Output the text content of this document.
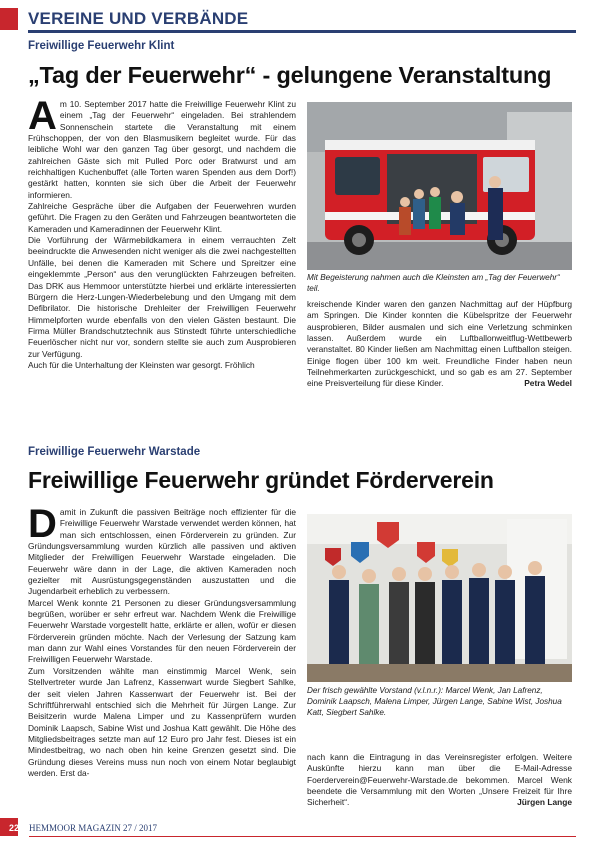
VEREINE UND VERBÄNDE
Freiwillige Feuerwehr Klint
„Tag der Feuerwehr“ - gelungene Veranstaltung
A m 10. September 2017 hatte die Freiwillige Feuerwehr Klint zu einem „Tag der Feuerwehr“ eingeladen. Bei strahlendem Sonnenschein startete die Veranstaltung mit einem Frühschoppen, der von den Blasmusikern begleitet wurde. Für das leibliche Wohl war den ganzen Tag über gesorgt, und nachdem die zahlreichen Gäste sich mit Pulled Porc oder Bratwurst und am reichhaltigen Kuchenbuffet (alle Torten waren Spenden aus dem Dorf!) gestärkt hatten, konnten sie sich über die Arbeit der Feuerwehr informieren.

Zahlreiche Gespräche über die Aufgaben der Feuerwehren wurden geführt. Die Fragen zu den Geräten und Fahrzeugen beantworteten die Kameraden und Kameradinnen der Feuerwehr Klint.

Die Vorführung der Wärmebildkamera in einem verrauchten Zelt beeindruckte die Anwesenden nicht weniger als die zwei nachgestellten Unfälle, bei denen die Kameraden mit Schere und Spreitzer eine eingeklemmte „Person“ aus den verunglückten Fahrzeugen befreiten. Das DRK aus Hemmoor unterstützte hierbei und erklärte interessierten Bürgern die Herz-Lungen-Wiederbelebung und den Umgang mit dem Defibrilator. Die historische Drehleiter der Freiwilligen Feuerwehr Himmelpforten wurde ebenfalls von den vielen Gästen bestaunt. Die Firma Müller Brandschutztechnik aus Stinstedt führte unterschiedliche Feuerlöscher nicht nur vor, sondern stellte sie auch zum Ausprobieren zur Verfügung.

Auch für die Unterhaltung der Kleinsten war gesorgt. Fröhlich

Mit Begeisterung nahmen auch die Kleinsten am „Tag der Feuerwehr“ teil.

kreischende Kinder waren den ganzen Nachmittag auf der Hüpfburg am Springen. Die Kinder konnten die Kübelspritze der Feuerwehr ausprobieren, Bilder ausmalen und sich eine Verletzung schminken lassen. Außerdem wurde ein Luftballonweitflug-Wettbewerb veranstaltet. 80 Kinder ließen am Nachmittag einen Luftballon steigen. Einige flogen über 100 km weit. Freundliche Finder haben neun Teilnehmerkarten zurückgeschickt, und so gab es am 27. September eine Preisverteilung für diese Kinder.	Petra Wedel
Freiwillige Feuerwehr Warstade
Freiwillige Feuerwehr gründet Förderverein
D amit in Zukunft die passiven Beiträge noch effizienter für die Freiwillige Feuerwehr Warstade verwendet werden können, hat man sich entschlossen, einen Förderverein zu gründen. Zur Gründungsversammlung wurden kürzlich alle passiven und aktiven Mitglieder der Freiwilligen Feuerwehr Warstade eingeladen. Die Feuerwehr wäre dann in der Lage, die aktiven Kameraden noch gezielter mit Ausrüstungsgegenständen auszustatten und die Jugendarbeit erheblich zu verbessern.

Marcel Wenk konnte 21 Personen zu dieser Gründungsversammlung begrüßen, worüber er sehr erfreut war. Nachdem Wenk die Freiwillige Feuerwehr Warstade vorgestellt hatte, erklärte er allen, wofür er diesen Förderverein gründen möchte. Nach der Verlesung der Satzung kam man dann zur Wahl eines Vorstandes für den neuen Förderverein der Freiwilligen Feuerwehr Warstade.

Zum Vorsitzenden wählte man einstimmig Marcel Wenk, sein Stellvertreter wurde Jan Lafrenz, Kassenwart wurde Siegbert Sahlke, der seit vielen Jahren Kassenwart der Feuerwehr ist. Bei der Schriftführerwahl entschied sich die Mehrheit für Jürgen Lange. Zur Beisitzerin wurde Malena Limper und zu Kassenprüfern wurden Dominik Laapsch, Sabine Wist und Joshua Katt gewählt. Die Höhe des Mitgliedsbeitrages setzte man auf 12 Euro pro Jahr fest. Dieses ist ein Mindestbeitrag, wo nach oben hin keine Grenzen gesetzt sind. Die Gründung dieses Vereins muss nun noch von einem Notar beglaubigt werden. Erst da-

Der frisch gewählte Vorstand (v.l.n.r.): Marcel Wenk, Jan Lafrenz, Dominik Laapsch, Malena Limper, Jürgen Lange, Sabine Wist, Joshua Katt, Siegbert Sahlke.

nach kann die Eintragung in das Vereinsregister erfolgen. Weitere Auskünfte hierzu kann man über die E-Mail-Adresse Foerderverein@Feuerwehr-Warstade.de bekommen. Marcel Wenk beendete die Versammlung mit den Worten „Unsere Freizeit für Ihre Sicherheit“.	Jürgen Lange
22 HEMMOOR MAGAZIN 27 / 2017
